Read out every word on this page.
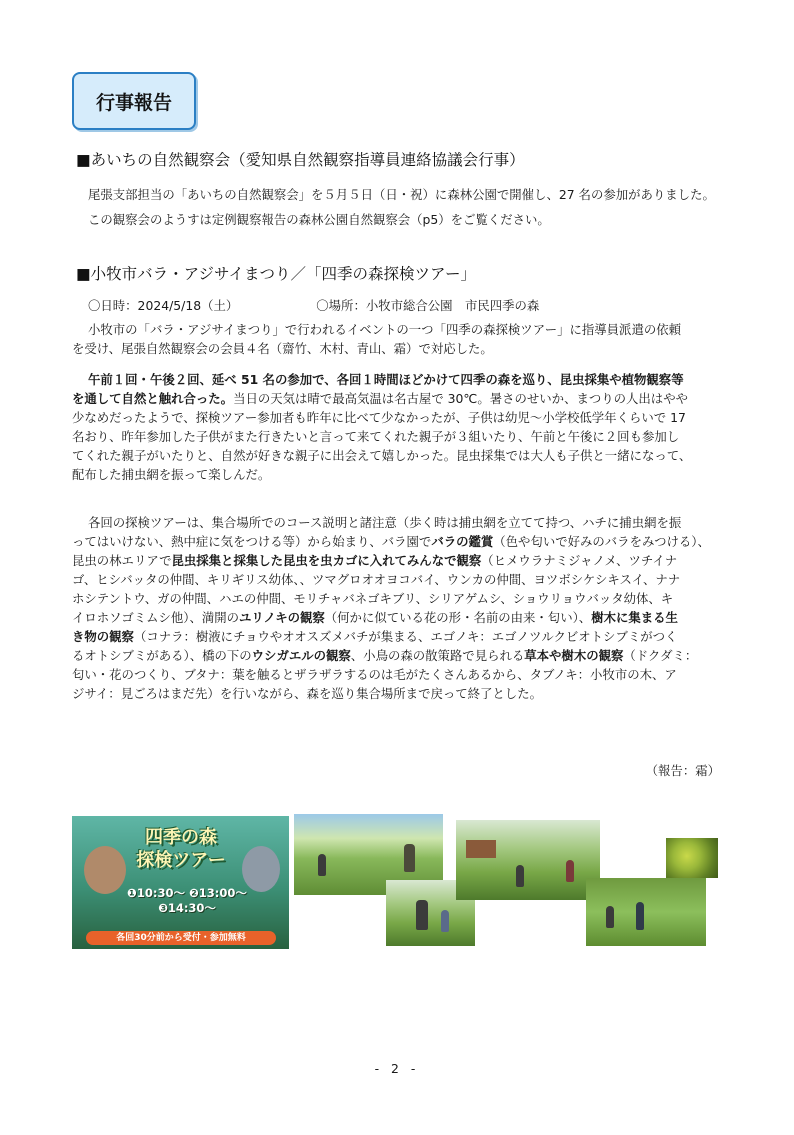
行事報告
■あいちの自然観察会（愛知県自然観察指導員連絡協議会行事）
尾張支部担当の「あいちの自然観察会」を５月５日（日・祝）に森林公園で開催し、27 名の参加がありました。
この観察会のようすは定例観察報告の森林公園自然観察会（p5）をご覧ください。
■小牧市バラ・アジサイまつり／「四季の森探検ツアー」
〇日時：2024/5/18（土）	〇場所：小牧市総合公園　市民四季の森
小牧市の「バラ・アジサイまつり」で行われるイベントの一つ「四季の森探検ツアー」に指導員派遣の依頼
を受け、尾張自然観察会の会員４名（齋竹、木村、青山、霜）で対応した。
午前１回・午後２回、延べ 51 名の参加で、各回１時間ほどかけて四季の森を巡り、昆虫採集や植物観察等
を通して自然と触れ合った。当日の天気は晴で最高気温は名古屋で 30℃。暑さのせいか、まつりの人出はやや
少なめだったようで、探検ツアー参加者も昨年に比べて少なかったが、子供は幼児～小学校低学年くらいで 17
名おり、昨年参加した子供がまた行きたいと言って来てくれた親子が３組いたり、午前と午後に２回も参加し
てくれた親子がいたりと、自然が好きな親子に出会えて嬉しかった。昆虫採集では大人も子供と一緒になって、
配布した捕虫網を振って楽しんだ。
各回の探検ツアーは、集合場所でのコース説明と諸注意（歩く時は捕虫網を立てて持つ、ハチに捕虫網を振
ってはいけない、熱中症に気をつける等）から始まり、バラ園でバラの鑑賞（色や匂いで好みのバラをみつける）、
昆虫の林エリアで昆虫採集と採集した昆虫を虫カゴに入れてみんなで観察（ヒメウラナミジャノメ、ツチイナ
ゴ、ヒシバッタの仲間、キリギリス幼体、、ツマグロオオヨコバイ、ウンカの仲間、ヨツボシケシキスイ、ナナ
ホシテントウ、ガの仲間、ハエの仲間、モリチャバネゴキブリ、シリアゲムシ、ショウリョウバッタ幼体、キ
イロホソゴミムシ他）、満開のユリノキの観察（何かに似ている花の形・名前の由来・匂い）、樹木に集まる生
き物の観察（コナラ：樹液にチョウやオオスズメバチが集まる、エゴノキ：エゴノツルクビオトシブミがつく
るオトシブミがある）、橋の下のウシガエルの観察、小鳥の森の散策路で見られる草本や樹木の観察（ドクダミ：
匂い・花のつくり、ブタナ：葉を触るとザラザラするのは毛がたくさんあるから、タブノキ：小牧市の木、ア
ジサイ：見ごろはまだ先）を行いながら、森を巡り集合場所まで戻って終了とした。
（報告：霜）
四季の森
探検ツアー
❶10:30～ ❷13:00～
❸14:30～
各回30分前から受付・参加無料
- 2 -
